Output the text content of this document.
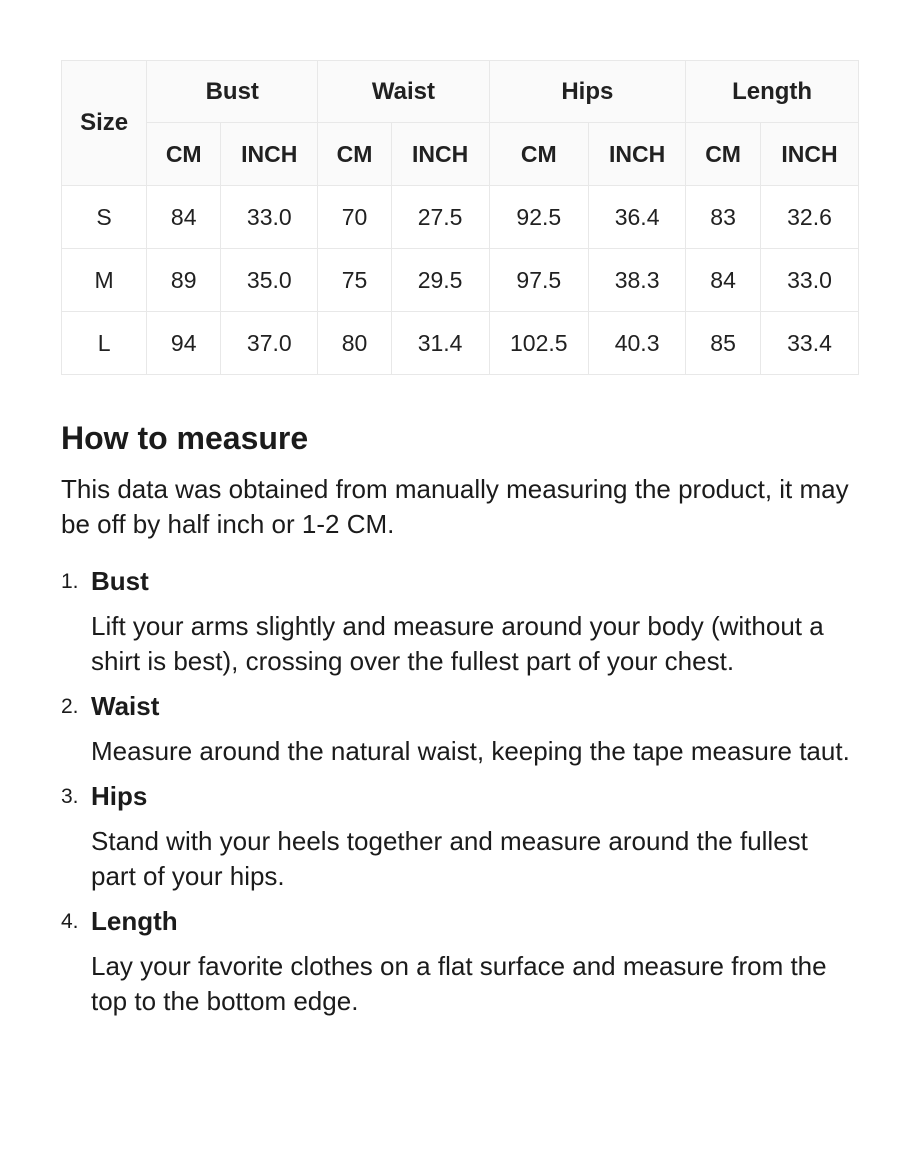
Size	Bust		Waist		Hips		Length	
	CM	INCH	CM	INCH	CM	INCH	CM	INCH
S	84	33.0	70	27.5	92.5	36.4	83	32.6
M	89	35.0	75	29.5	97.5	38.3	84	33.0
L	94	37.0	80	31.4	102.5	40.3	85	33.4
How to measure

This data was obtained from manually measuring the product, it may be off by half inch or 1-2 CM.

1. Bust
Lift your arms slightly and measure around your body (without a shirt is best), crossing over the fullest part of your chest.
2. Waist
Measure around the natural waist, keeping the tape measure taut.
3. Hips
Stand with your heels together and measure around the fullest part of your hips.
4. Length
Lay your favorite clothes on a flat surface and measure from the top to the bottom edge.
